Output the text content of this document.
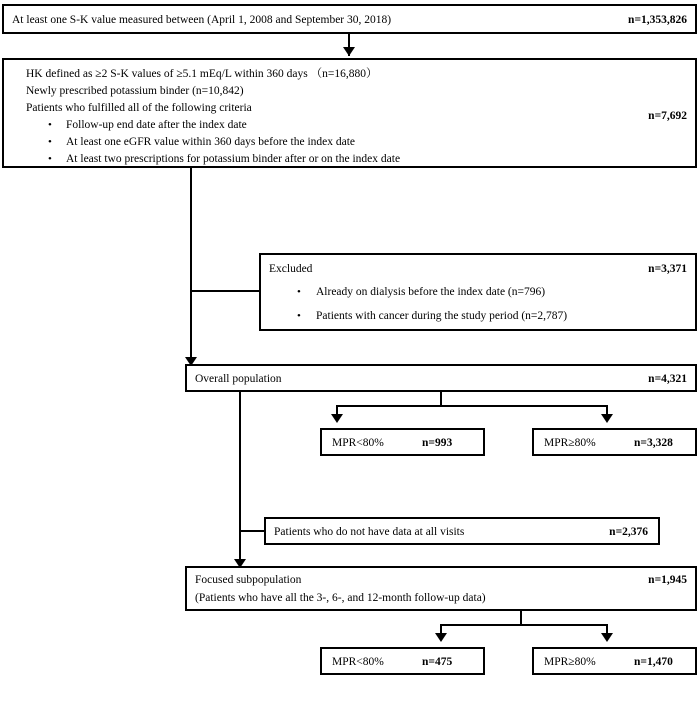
At least one S-K value measured between (April 1, 2008 and September 30, 2018)	n=1,353,826
HK defined as ≥2 S-K values of ≥5.1 mEq/L within 360 days （n=16,880）
Newly prescribed potassium binder (n=10,842)
Patients who fulfilled all of the following criteria
• Follow-up end date after the index date
• At least one eGFR value within 360 days before the index date
• At least two prescriptions for potassium binder after or on the index date
n=7,692
Excluded	n=3,371
• Already on dialysis before the index date (n=796)
• Patients with cancer during the study period (n=2,787)
Overall population	n=4,321
MPR<80%	n=993	MPR≥80%	n=3,328
Patients who do not have data at all visits	n=2,376
Focused subpopulation
(Patients who have all the 3-, 6-, and 12-month follow-up data)
n=1,945
MPR<80%	n=475	MPR≥80%	n=1,470
